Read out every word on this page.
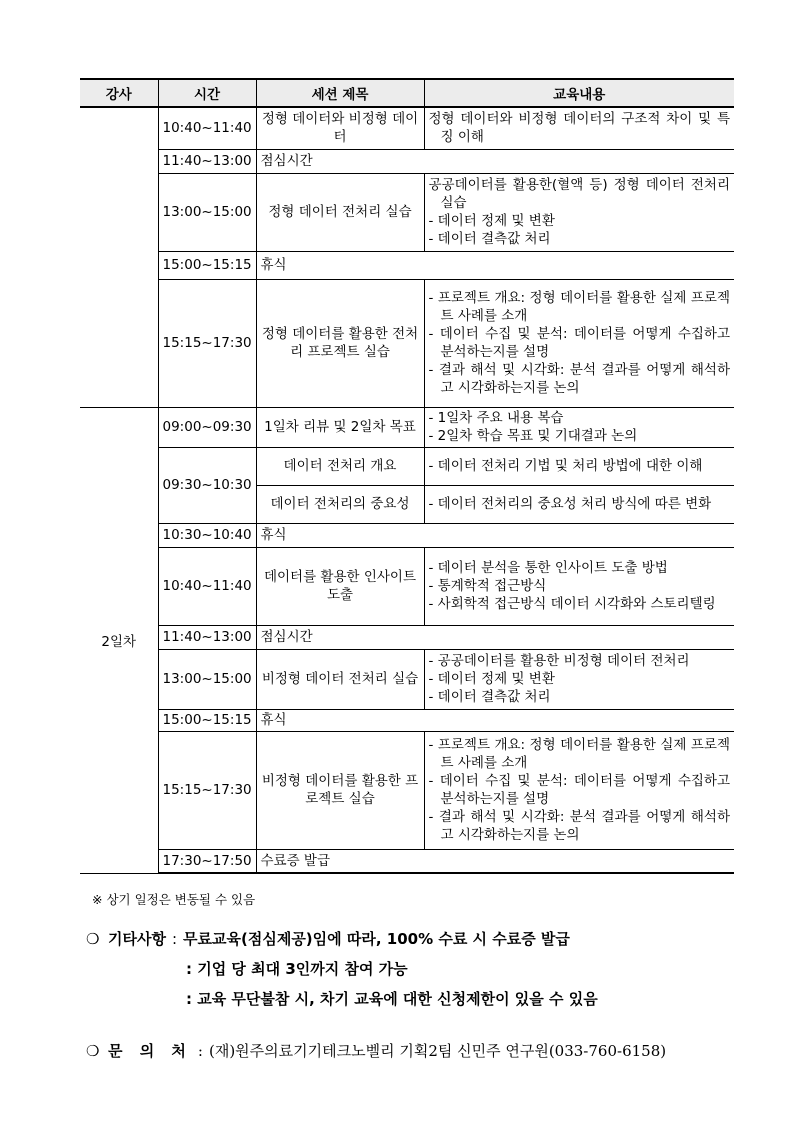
강사	시간	세션 제목	교육내용
	10:40~11:40	정형 데이터와 비정형 데이터	정형 데이터와 비정형 데이터의 구조적 차이 및 특징 이해

	11:40~13:00	점심시간	
	13:00~15:00	정형 데이터 전처리 실습	공공데이터를 활용한(혈액 등) 정형 데이터 전처리 실습
- 데이터 정제 및 변환
- 데이터 결측값 처리

	15:00~15:15	휴식	
	15:15~17:30	정형 데이터를 활용한 전처리 프로젝트 실습	- 프로젝트 개요: 정형 데이터를 활용한 실제 프로젝트 사례를 소개
- 데이터 수집 및 분석: 데이터를 어떻게 수집하고 분석하는지를 설명
- 결과 해석 및 시각화: 분석 결과를 어떻게 해석하고 시각화하는지를 논의

2일차	09:00~09:30	1일차 리뷰 및 2일차 목표	- 1일차 주요 내용 복습
- 2일차 학습 목표 및 기대결과 논의

	09:30~10:30	데이터 전처리 개요	- 데이터 전처리 기법 및 처리 방법에 대한 이해

		데이터 전처리의 중요성	- 데이터 전처리의 중요성 처리 방식에 따른 변화

	10:30~10:40	휴식	
	10:40~11:40	데이터를 활용한 인사이트 도출	- 데이터 분석을 통한 인사이트 도출 방법
- 통계학적 접근방식
- 사회학적 접근방식 데이터 시각화와 스토리텔링

	11:40~13:00	점심시간	
	13:00~15:00	비정형 데이터 전처리 실습	- 공공데이터를 활용한 비정형 데이터 전처리
- 데이터 정제 및 변환
- 데이터 결측값 처리

	15:00~15:15	휴식	
	15:15~17:30	비정형 데이터를 활용한 프로젝트 실습	- 프로젝트 개요: 정형 데이터를 활용한 실제 프로젝트 사례를 소개
- 데이터 수집 및 분석: 데이터를 어떻게 수집하고 분석하는지를 설명
- 결과 해석 및 시각화: 분석 결과를 어떻게 해석하고 시각화하는지를 논의

	17:30~17:50	수료증 발급	
※ 상기 일정은 변동될 수 있음
❍ 기타사항 : 무료교육(점심제공)임에 따라, 100% 수료 시 수료증 발급
: 기업 당 최대 3인까지 참여 가능
: 교육 무단불참 시, 차기 교육에 대한 신청제한이 있을 수 있음
❍ 문 의 처 : (재)원주의료기기테크노벨리 기획2팀 신민주 연구원(033-760-6158)
